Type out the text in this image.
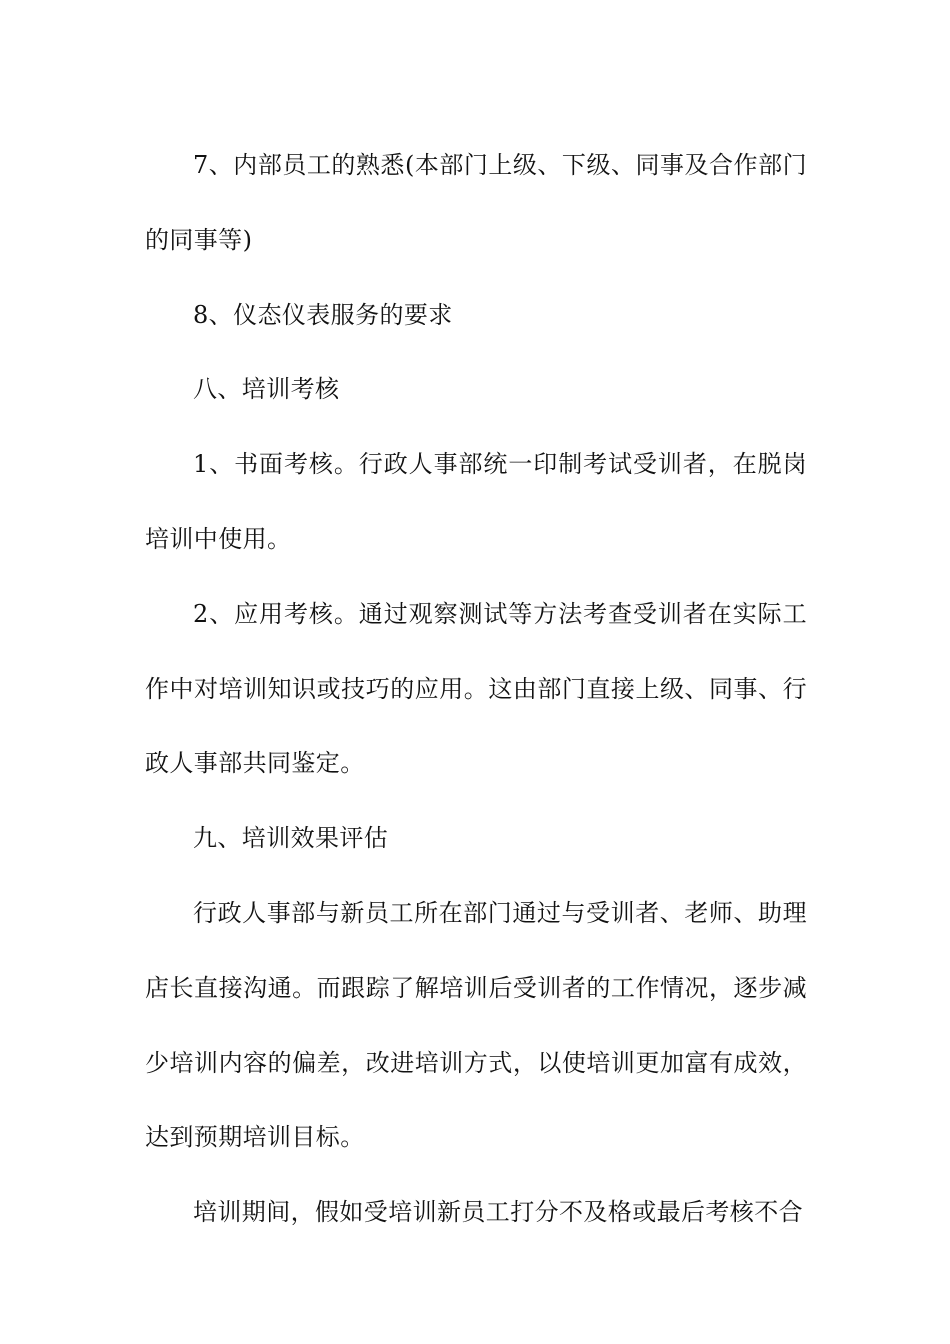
7、内部员工的熟悉(本部门上级、下级、同事及合作部门的同事等)

8、仪态仪表服务的要求

八、培训考核

1、书面考核。行政人事部统一印制考试受训者，在脱岗培训中使用。

2、应用考核。通过观察测试等方法考查受训者在实际工作中对培训知识或技巧的应用。这由部门直接上级、同事、行政人事部共同鉴定。

九、培训效果评估

行政人事部与新员工所在部门通过与受训者、老师、助理店长直接沟通。而跟踪了解培训后受训者的工作情况，逐步减少培训内容的偏差，改进培训方式，以使培训更加富有成效，达到预期培训目标。

培训期间，假如受培训新员工打分不及格或最后考核不合
